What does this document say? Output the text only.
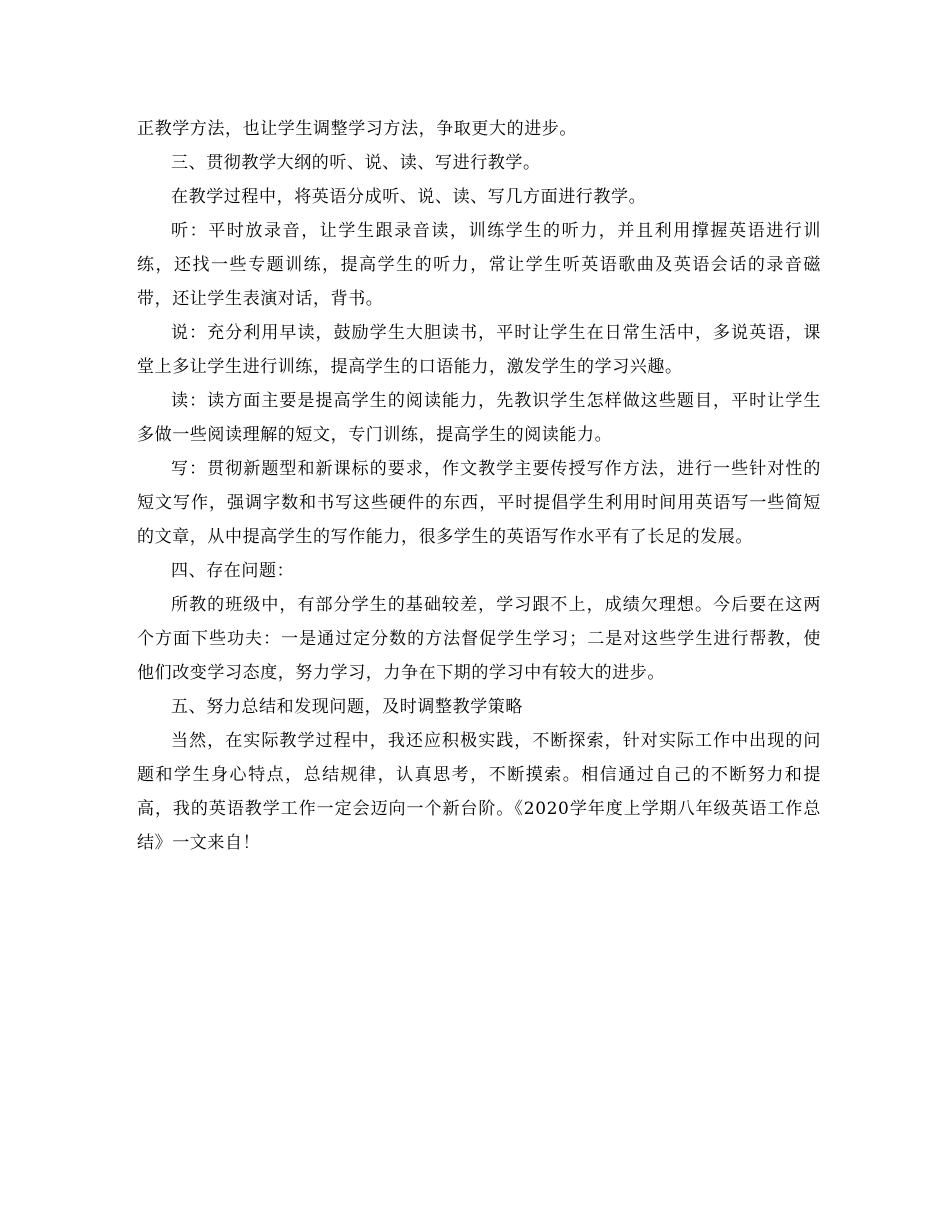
正教学方法，也让学生调整学习方法，争取更大的进步。

三、贯彻教学大纲的听、说、读、写进行教学。

在教学过程中，将英语分成听、说、读、写几方面进行教学。

听：平时放录音，让学生跟录音读，训练学生的听力，并且利用撑握英语进行训练，还找一些专题训练，提高学生的听力，常让学生听英语歌曲及英语会话的录音磁带，还让学生表演对话，背书。

说：充分利用早读，鼓励学生大胆读书，平时让学生在日常生活中，多说英语，课堂上多让学生进行训练，提高学生的口语能力，激发学生的学习兴趣。

读：读方面主要是提高学生的阅读能力，先教识学生怎样做这些题目，平时让学生多做一些阅读理解的短文，专门训练，提高学生的阅读能力。

写：贯彻新题型和新课标的要求，作文教学主要传授写作方法，进行一些针对性的短文写作，强调字数和书写这些硬件的东西，平时提倡学生利用时间用英语写一些简短的文章，从中提高学生的写作能力，很多学生的英语写作水平有了长足的发展。

四、存在问题：

所教的班级中，有部分学生的基础较差，学习跟不上，成绩欠理想。今后要在这两个方面下些功夫：一是通过定分数的方法督促学生学习；二是对这些学生进行帮教，使他们改变学习态度，努力学习，力争在下期的学习中有较大的进步。

五、努力总结和发现问题，及时调整教学策略

当然，在实际教学过程中，我还应积极实践，不断探索，针对实际工作中出现的问题和学生身心特点，总结规律，认真思考，不断摸索。相信通过自己的不断努力和提高，我的英语教学工作一定会迈向一个新台阶。《2020学年度上学期八年级英语工作总结》一文来自！
